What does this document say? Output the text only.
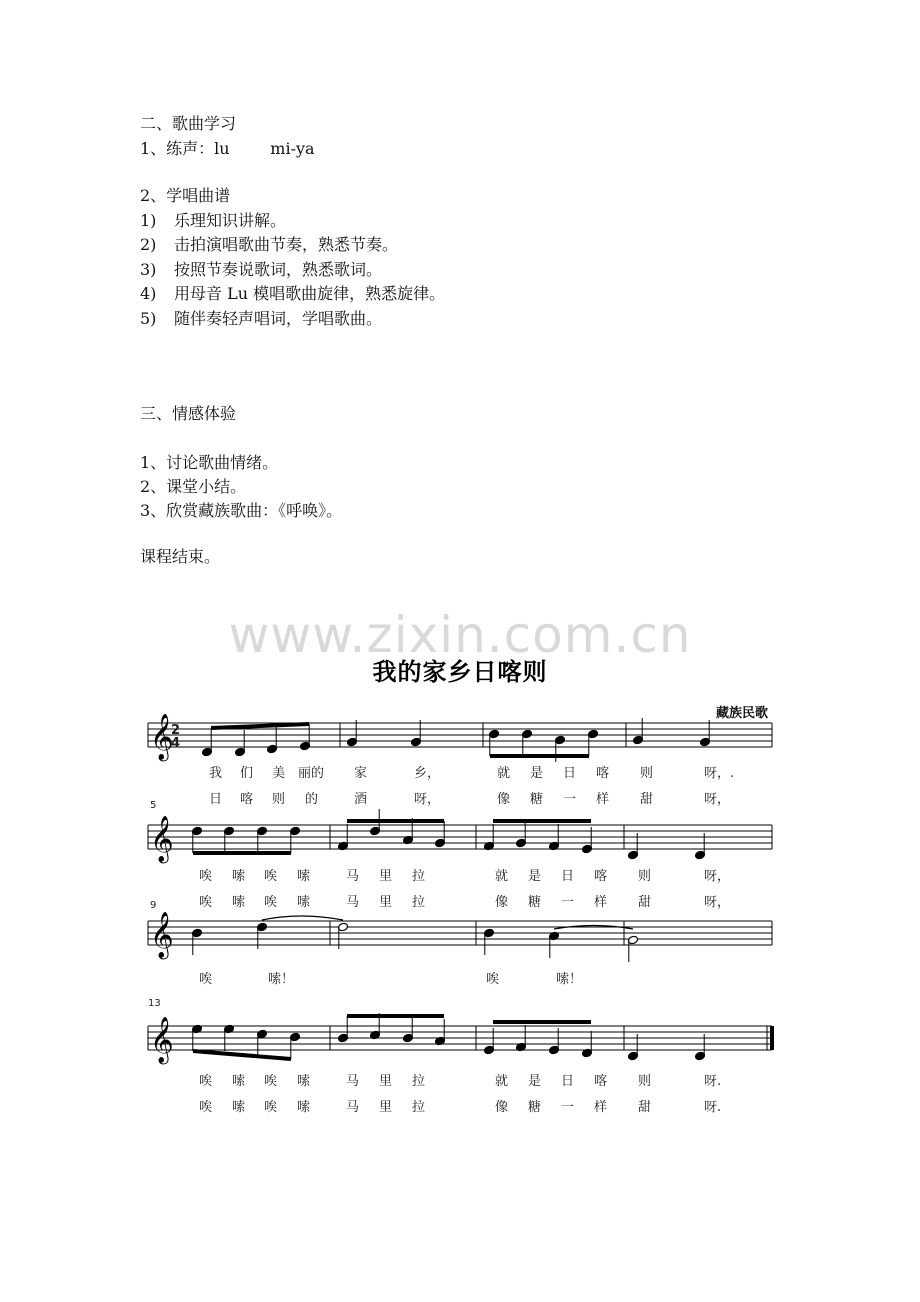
二、歌曲学习
1、练声：lu        mi-ya
2、学唱曲谱
1) 乐理知识讲解。
2) 击拍演唱歌曲节奏，熟悉节奏。
3) 按照节奏说歌词，熟悉歌词。
4) 用母音 Lu 模唱歌曲旋律，熟悉旋律。
5) 随伴奏轻声唱词，学唱歌曲。
三、情感体验
1、讨论歌曲情绪。
2、课堂小结。
3、欣赏藏族歌曲：《呼唤》。
课程结束。
www.zixin.com.cn
我的家乡日喀则
藏族民歌
𝄞
𝄞
𝄞
𝄞
5
9
13
2
4
我 们 美 丽的 家	乡，	就 是 日 喀 则	呀，.
日 喀 则 的	酒	呀，	像 糖 一 样 甜	呀，
唉 嗦 唉 嗦	马 里 拉	就 是 日 喀 则	呀，
唉 嗦 唉 嗦	马 里 拉	像 糖 一 样 甜	呀，
唉	嗦！	唉	嗦！
唉 嗦 唉 嗦	马 里 拉	就 是 日 喀 则	呀.
唉 嗦 唉 嗦	马 里 拉	像 糖 一 样 甜	呀.
